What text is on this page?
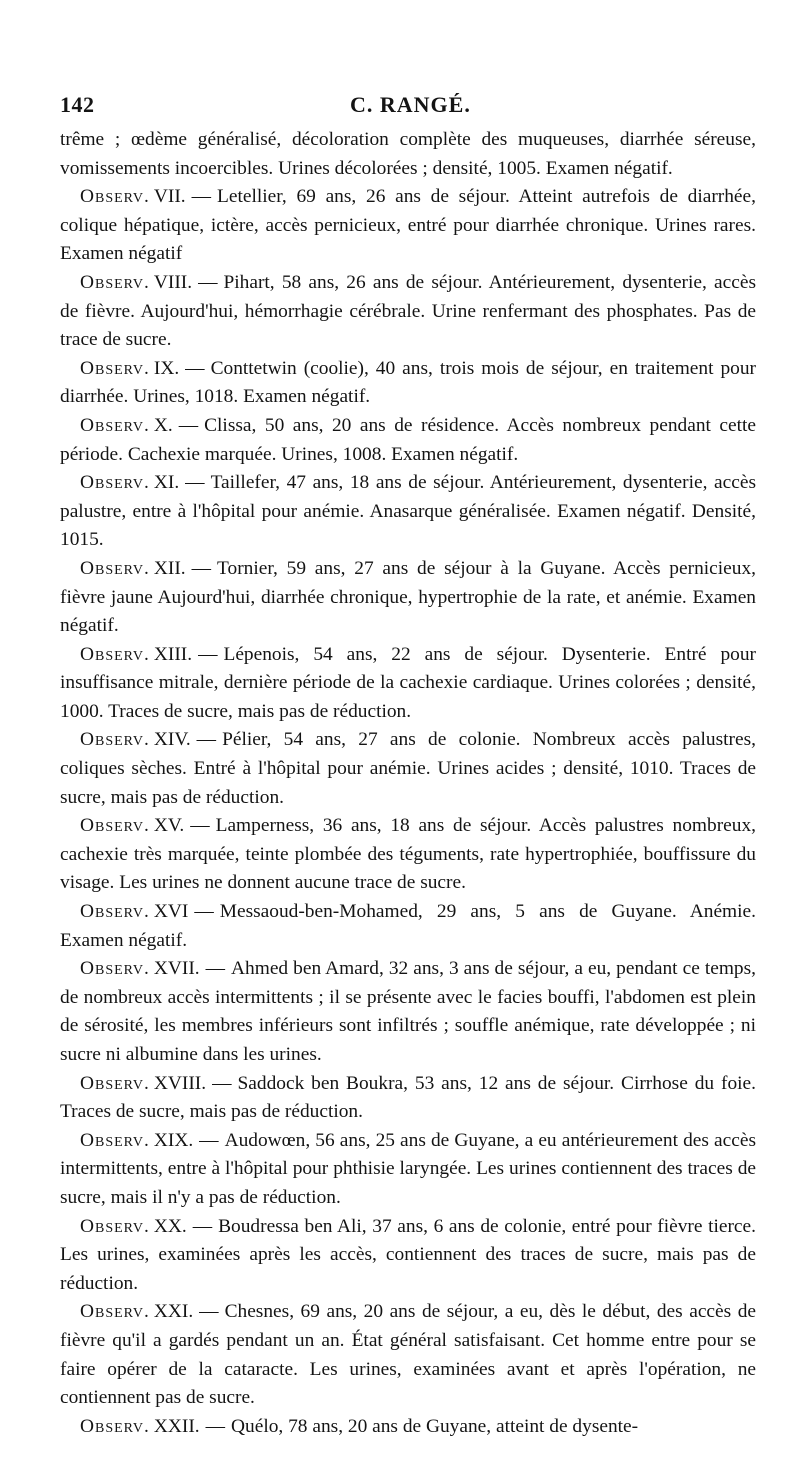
142	C. RANGÉ.

trême ; œdème généralisé, décoloration complète des muqueuses, diarrhée séreuse, vomissements incoercibles. Urines décolorées ; densité, 1005. Examen négatif.

Observ. VII. — Letellier, 69 ans, 26 ans de séjour. Atteint autrefois de diarrhée, colique hépatique, ictère, accès pernicieux, entré pour diarrhée chronique. Urines rares. Examen négatif

Observ. VIII. — Pihart, 58 ans, 26 ans de séjour. Antérieurement, dysenterie, accès de fièvre. Aujourd'hui, hémorrhagie cérébrale. Urine renfermant des phosphates. Pas de trace de sucre.

Observ. IX. — Conttetwin (coolie), 40 ans, trois mois de séjour, en traitement pour diarrhée. Urines, 1018. Examen négatif.

Observ. X. — Clissa, 50 ans, 20 ans de résidence. Accès nombreux pendant cette période. Cachexie marquée. Urines, 1008. Examen négatif.

Observ. XI. — Taillefer, 47 ans, 18 ans de séjour. Antérieurement, dysenterie, accès palustre, entre à l'hôpital pour anémie. Anasarque généralisée. Examen négatif. Densité, 1015.

Observ. XII. — Tornier, 59 ans, 27 ans de séjour à la Guyane. Accès pernicieux, fièvre jaune Aujourd'hui, diarrhée chronique, hypertrophie de la rate, et anémie. Examen négatif.

Observ. XIII. — Lépenois, 54 ans, 22 ans de séjour. Dysenterie. Entré pour insuffisance mitrale, dernière période de la cachexie cardiaque. Urines colorées ; densité, 1000. Traces de sucre, mais pas de réduction.

Observ. XIV. — Pélier, 54 ans, 27 ans de colonie. Nombreux accès palustres, coliques sèches. Entré à l'hôpital pour anémie. Urines acides ; densité, 1010. Traces de sucre, mais pas de réduction.

Observ. XV. — Lamperness, 36 ans, 18 ans de séjour. Accès palustres nombreux, cachexie très marquée, teinte plombée des téguments, rate hypertrophiée, bouffissure du visage. Les urines ne donnent aucune trace de sucre.

Observ. XVI — Messaoud-ben-Mohamed, 29 ans, 5 ans de Guyane. Anémie. Examen négatif.

Observ. XVII. — Ahmed ben Amard, 32 ans, 3 ans de séjour, a eu, pendant ce temps, de nombreux accès intermittents ; il se présente avec le facies bouffi, l'abdomen est plein de sérosité, les membres inférieurs sont infiltrés ; souffle anémique, rate développée ; ni sucre ni albumine dans les urines.

Observ. XVIII. — Saddock ben Boukra, 53 ans, 12 ans de séjour. Cirrhose du foie. Traces de sucre, mais pas de réduction.

Observ. XIX. — Audowœn, 56 ans, 25 ans de Guyane, a eu antérieurement des accès intermittents, entre à l'hôpital pour phthisie laryngée. Les urines contiennent des traces de sucre, mais il n'y a pas de réduction.

Observ. XX. — Boudressa ben Ali, 37 ans, 6 ans de colonie, entré pour fièvre tierce. Les urines, examinées après les accès, contiennent des traces de sucre, mais pas de réduction.

Observ. XXI. — Chesnes, 69 ans, 20 ans de séjour, a eu, dès le début, des accès de fièvre qu'il a gardés pendant un an. État général satisfaisant. Cet homme entre pour se faire opérer de la cataracte. Les urines, examinées avant et après l'opération, ne contiennent pas de sucre.

Observ. XXII. — Quélo, 78 ans, 20 ans de Guyane, atteint de dysente-
